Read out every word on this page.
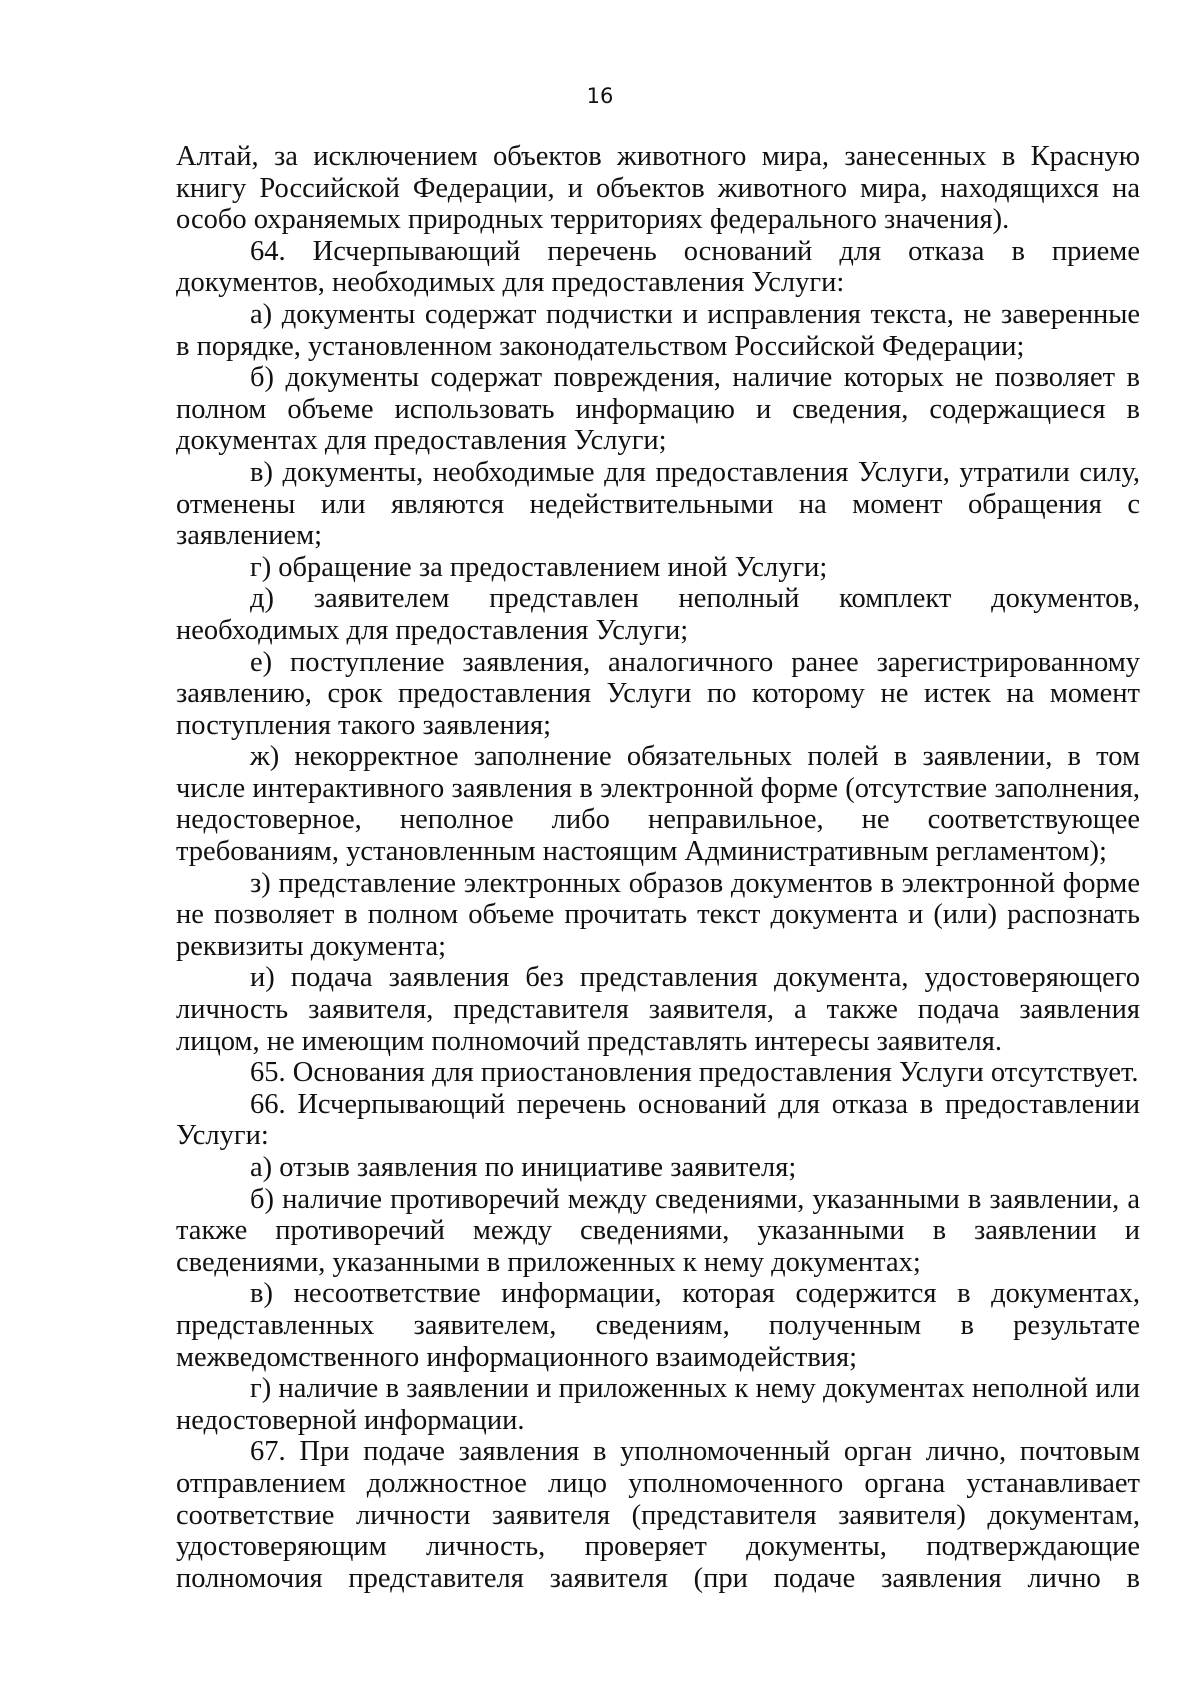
16

Алтай, за исключением объектов животного мира, занесенных в Красную книгу Российской Федерации, и объектов животного мира, находящихся на особо охраняемых природных территориях федерального значения).

64. Исчерпывающий перечень оснований для отказа в приеме документов, необходимых для предоставления Услуги:

а) документы содержат подчистки и исправления текста, не заверенные в порядке, установленном законодательством Российской Федерации;

б) документы содержат повреждения, наличие которых не позволяет в полном объеме использовать информацию и сведения, содержащиеся в документах для предоставления Услуги;

в) документы, необходимые для предоставления Услуги, утратили силу, отменены или являются недействительными на момент обращения с заявлением;

г) обращение за предоставлением иной Услуги;

д) заявителем представлен неполный комплект документов, необходимых для предоставления Услуги;

е) поступление заявления, аналогичного ранее зарегистрированному заявлению, срок предоставления Услуги по которому не истек на момент поступления такого заявления;

ж) некорректное заполнение обязательных полей в заявлении, в том числе интерактивного заявления в электронной форме (отсутствие заполнения, недостоверное, неполное либо неправильное, не соответствующее требованиям, установленным настоящим Административным регламентом);

з) представление электронных образов документов в электронной форме не позволяет в полном объеме прочитать текст документа и (или) распознать реквизиты документа;

и) подача заявления без представления документа, удостоверяющего личность заявителя, представителя заявителя, а также подача заявления лицом, не имеющим полномочий представлять интересы заявителя.

65. Основания для приостановления предоставления Услуги отсутствует.

66. Исчерпывающий перечень оснований для отказа в предоставлении Услуги:

а) отзыв заявления по инициативе заявителя;

б) наличие противоречий между сведениями, указанными в заявлении, а также противоречий между сведениями, указанными в заявлении и сведениями, указанными в приложенных к нему документах;

в) несоответствие информации, которая содержится в документах, представленных заявителем, сведениям, полученным в результате межведомственного информационного взаимодействия;

г) наличие в заявлении и приложенных к нему документах неполной или недостоверной информации.

67. При подаче заявления в уполномоченный орган лично, почтовым отправлением должностное лицо уполномоченного органа устанавливает соответствие личности заявителя (представителя заявителя) документам, удостоверяющим личность, проверяет документы, подтверждающие полномочия представителя заявителя (при подаче заявления лично в
